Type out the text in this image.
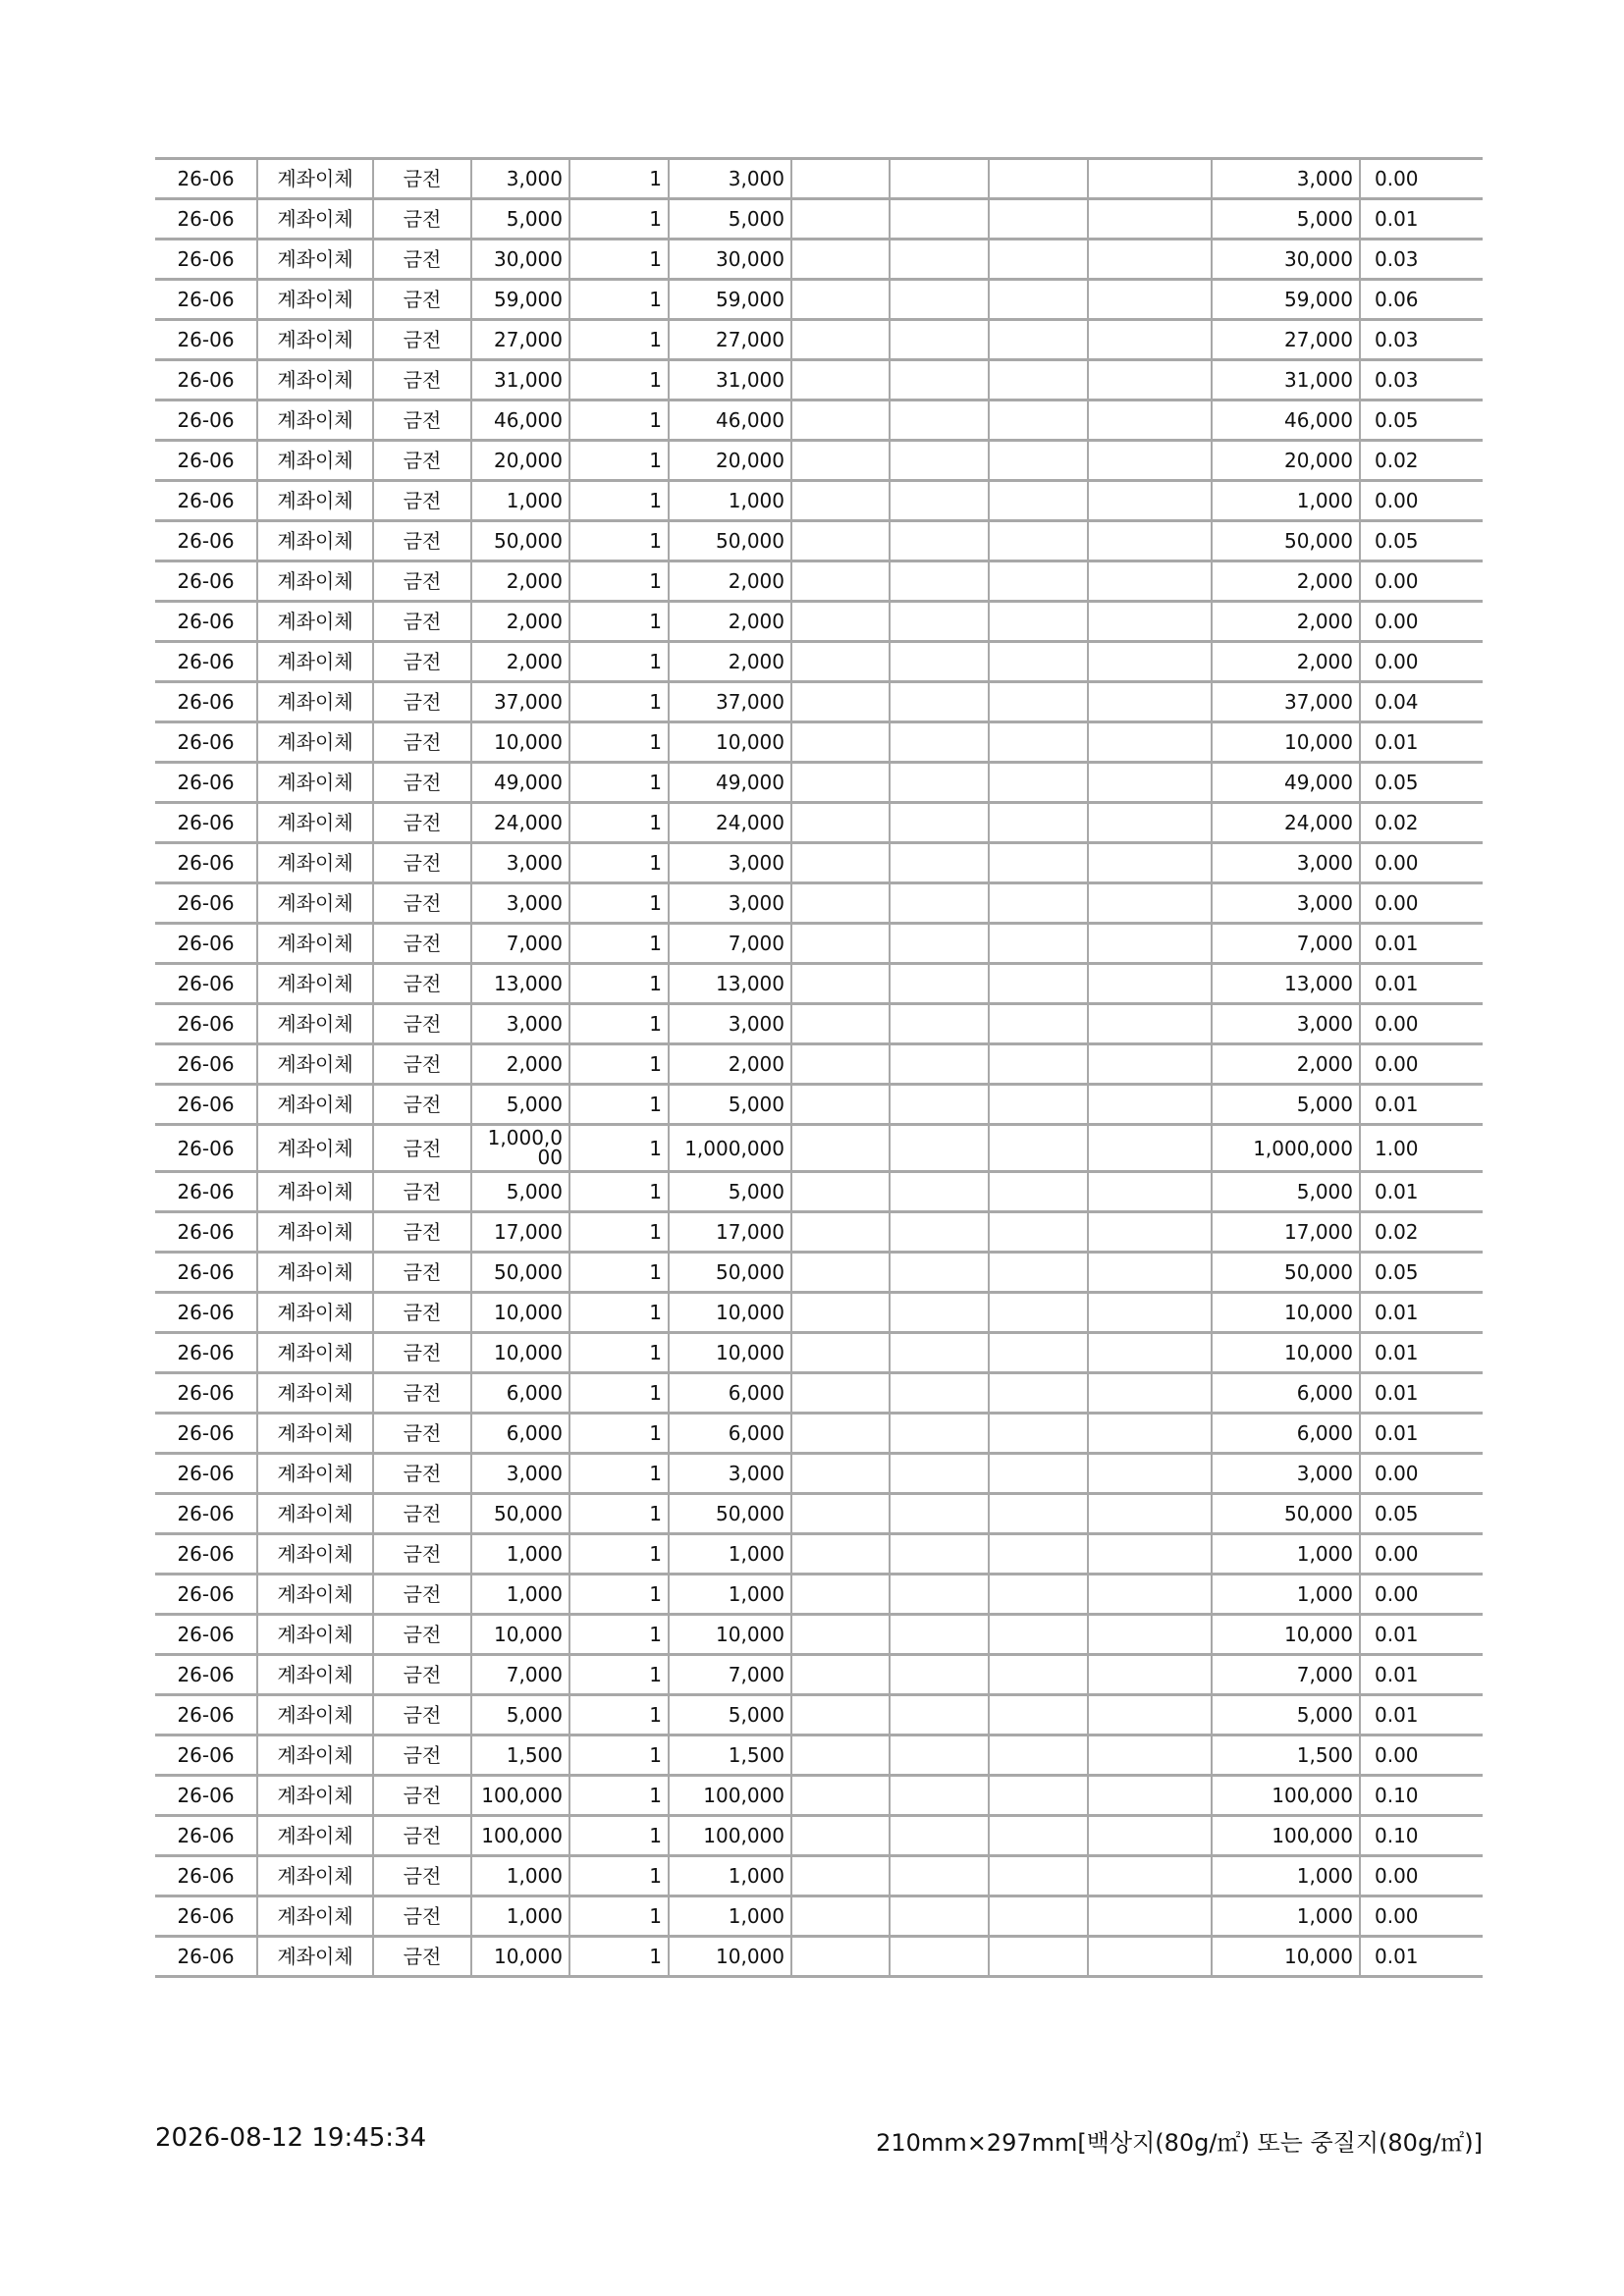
26-06	계좌이체	금전	3,000	1	3,000					3,000	0.00
26-06	계좌이체	금전	5,000	1	5,000					5,000	0.01
26-06	계좌이체	금전	30,000	1	30,000					30,000	0.03
26-06	계좌이체	금전	59,000	1	59,000					59,000	0.06
26-06	계좌이체	금전	27,000	1	27,000					27,000	0.03
26-06	계좌이체	금전	31,000	1	31,000					31,000	0.03
26-06	계좌이체	금전	46,000	1	46,000					46,000	0.05
26-06	계좌이체	금전	20,000	1	20,000					20,000	0.02
26-06	계좌이체	금전	1,000	1	1,000					1,000	0.00
26-06	계좌이체	금전	50,000	1	50,000					50,000	0.05
26-06	계좌이체	금전	2,000	1	2,000					2,000	0.00
26-06	계좌이체	금전	2,000	1	2,000					2,000	0.00
26-06	계좌이체	금전	2,000	1	2,000					2,000	0.00
26-06	계좌이체	금전	37,000	1	37,000					37,000	0.04
26-06	계좌이체	금전	10,000	1	10,000					10,000	0.01
26-06	계좌이체	금전	49,000	1	49,000					49,000	0.05
26-06	계좌이체	금전	24,000	1	24,000					24,000	0.02
26-06	계좌이체	금전	3,000	1	3,000					3,000	0.00
26-06	계좌이체	금전	3,000	1	3,000					3,000	0.00
26-06	계좌이체	금전	7,000	1	7,000					7,000	0.01
26-06	계좌이체	금전	13,000	1	13,000					13,000	0.01
26-06	계좌이체	금전	3,000	1	3,000					3,000	0.00
26-06	계좌이체	금전	2,000	1	2,000					2,000	0.00
26-06	계좌이체	금전	5,000	1	5,000					5,000	0.01
26-06	계좌이체	금전	1,000,000	1	1,000,000					1,000,000	1.00
26-06	계좌이체	금전	5,000	1	5,000					5,000	0.01
26-06	계좌이체	금전	17,000	1	17,000					17,000	0.02
26-06	계좌이체	금전	50,000	1	50,000					50,000	0.05
26-06	계좌이체	금전	10,000	1	10,000					10,000	0.01
26-06	계좌이체	금전	10,000	1	10,000					10,000	0.01
26-06	계좌이체	금전	6,000	1	6,000					6,000	0.01
26-06	계좌이체	금전	6,000	1	6,000					6,000	0.01
26-06	계좌이체	금전	3,000	1	3,000					3,000	0.00
26-06	계좌이체	금전	50,000	1	50,000					50,000	0.05
26-06	계좌이체	금전	1,000	1	1,000					1,000	0.00
26-06	계좌이체	금전	1,000	1	1,000					1,000	0.00
26-06	계좌이체	금전	10,000	1	10,000					10,000	0.01
26-06	계좌이체	금전	7,000	1	7,000					7,000	0.01
26-06	계좌이체	금전	5,000	1	5,000					5,000	0.01
26-06	계좌이체	금전	1,500	1	1,500					1,500	0.00
26-06	계좌이체	금전	100,000	1	100,000					100,000	0.10
26-06	계좌이체	금전	100,000	1	100,000					100,000	0.10
26-06	계좌이체	금전	1,000	1	1,000					1,000	0.00
26-06	계좌이체	금전	1,000	1	1,000					1,000	0.00
26-06	계좌이체	금전	10,000	1	10,000					10,000	0.01
2026-08-12 19:45:34	210mm×297mm[백상지(80g/㎡) 또는 중질지(80g/㎡)]
